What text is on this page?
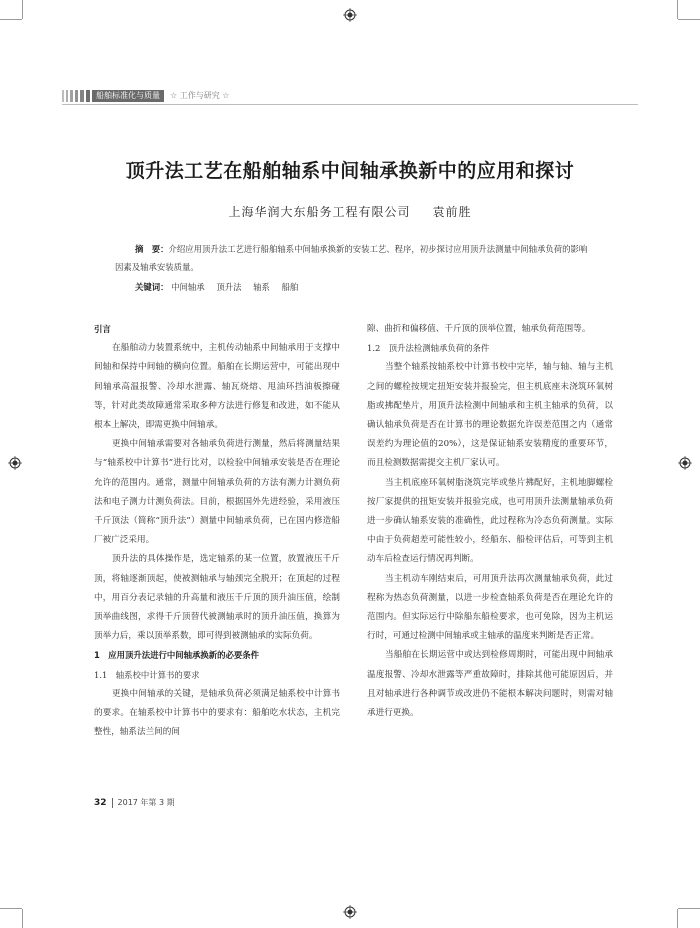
船舶标准化与质量	☆ 工作与研究 ☆
顶升法工艺在船舶轴系中间轴承换新中的应用和探讨
上海华润大东船务工程有限公司 袁前胜

摘　要：介绍应用顶升法工艺进行船舶轴系中间轴承换新的安装工艺、程序，初步探讨应用顶升法测量中间轴承负荷的影响因素及轴承安装质量。

关键词： 中间轴承 顶升法 轴系 船舶

引言

在船舶动力装置系统中，主机传动轴系中间轴承用于支撑中间轴和保持中间轴的横向位置。船舶在长期运营中，可能出现中间轴承高温报警、冷却水泄露、轴瓦烧熔、甩油环挡油板擦碰等，针对此类故障通常采取多种方法进行修复和改进，如不能从根本上解决，即需更换中间轴承。

更换中间轴承需要对各轴承负荷进行测量，然后将测量结果与“轴系校中计算书”进行比对，以检验中间轴承安装是否在理论允许的范围内。通常，测量中间轴承负荷的方法有测力计测负荷法和电子测力计测负荷法。目前，根据国外先进经验，采用液压千斤顶法（简称“顶升法”）测量中间轴承负荷，已在国内修造船厂被广泛采用。

顶升法的具体操作是，选定轴系的某一位置，放置液压千斤顶，将轴逐渐顶起，使被测轴承与轴颈完全脱开；在顶起的过程中，用百分表记录轴的升高量和液压千斤顶的顶升油压值，绘制顶举曲线图，求得千斤顶替代被测轴承时的顶升油压值，换算为顶举力后，乘以顶举系数，即可得到被测轴承的实际负荷。

1　应用顶升法进行中间轴承换新的必要条件

1.1　轴系校中计算书的要求

更换中间轴承的关键，是轴承负荷必须满足轴系校中计算书的要求。在轴系校中计算书中的要求有：船舶吃水状态，主机完整性，轴系法兰间的间

隙、曲折和偏移值、千斤顶的顶举位置，轴承负荷范围等。

1.2　顶升法检测轴承负荷的条件

当整个轴系按轴系校中计算书校中完毕，轴与轴、轴与主机之间的螺栓按规定扭矩安装并报验完，但主机底座未浇筑环氧树脂或拂配垫片，用顶升法检测中间轴承和主机主轴承的负荷，以确认轴承负荷是否在计算书的理论数据允许误差范围之内（通常误差约为理论值的20%），这是保证轴系安装精度的重要环节，而且检测数据需提交主机厂家认可。

当主机底座环氧树脂浇筑完毕或垫片拂配好，主机地脚螺栓按厂家提供的扭矩安装并报验完成，也可用顶升法测量轴承负荷进一步确认轴系安装的准确性，此过程称为冷态负荷测量。实际中由于负荷超差可能性较小，经船东、船检评估后，可等到主机动车后检查运行情况再判断。

当主机动车刚结束后，可用顶升法再次测量轴承负荷，此过程称为热态负荷测量，以进一步检查轴系负荷是否在理论允许的范围内。但实际运行中除船东船检要求，也可免除，因为主机运行时，可通过检测中间轴承或主轴承的温度来判断是否正常。

当船舶在长期运营中或达到检修周期时，可能出现中间轴承温度报警、冷却水泄露等严重故障时，排除其他可能原因后，并且对轴承进行各种调节或改进仍不能根本解决问题时，则需对轴承进行更换。

32 2017 年第 3 期
